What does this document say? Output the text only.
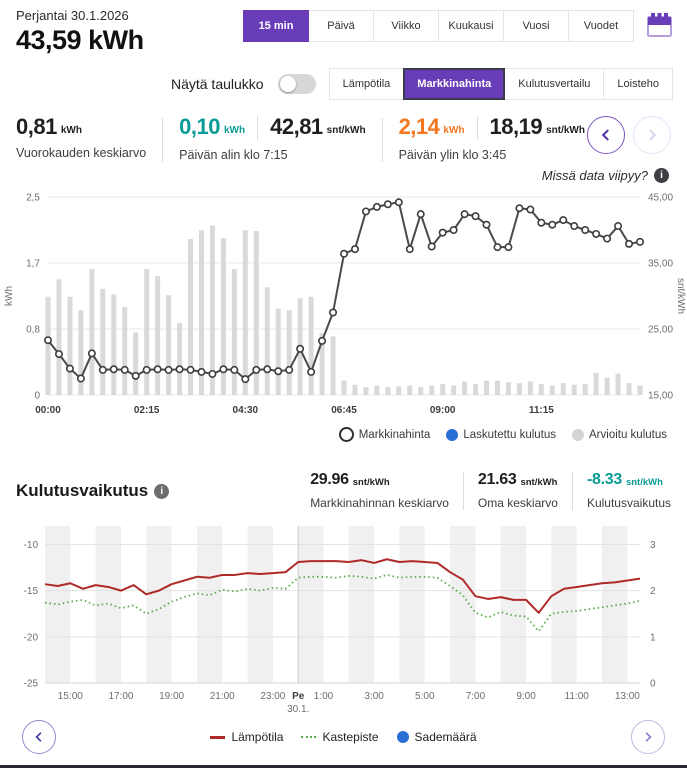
Perjantai 30.1.2026
43,59 kWh	15 min	Päivä	Viikko	Kuukausi	Vuosi	Vuodet
Näytä taulukko	Lämpötila	Markkinahinta	Kulutusvertailu	Loisteho
0,81 kWh
Vuorokauden keskiarvo
0,10 kWh 42,81 snt/kWh
Päivän alin klo 7:15
2,14 kWh 18,19 snt/kWh
Päivän ylin klo 3:45
Missä data viipyy?
i
0	15,00
0,8	25,00
1,7	35,00
2,5	45,00
kWh	snt/kWh
00:00	02:15	04:30	06:45	09:00	11:15
Markkinahinta	Laskutettu kulutus	Arvioitu kulutus
Kulutusvaikutus
i
29.96 snt/kWh
Markkinahinnan keskiarvo
21.63 snt/kWh
Oma keskiarvo
-8.33 snt/kWh
Kulutusvaikutus
-10	3
-15	2
-20	1
-25	0
15:00	17:00	19:00	21:00	23:00	1:00	3:00	5:00	7:00	9:00	11:00	13:00
Pe
30.1.
Lämpötila	Kastepiste	Sademäärä
